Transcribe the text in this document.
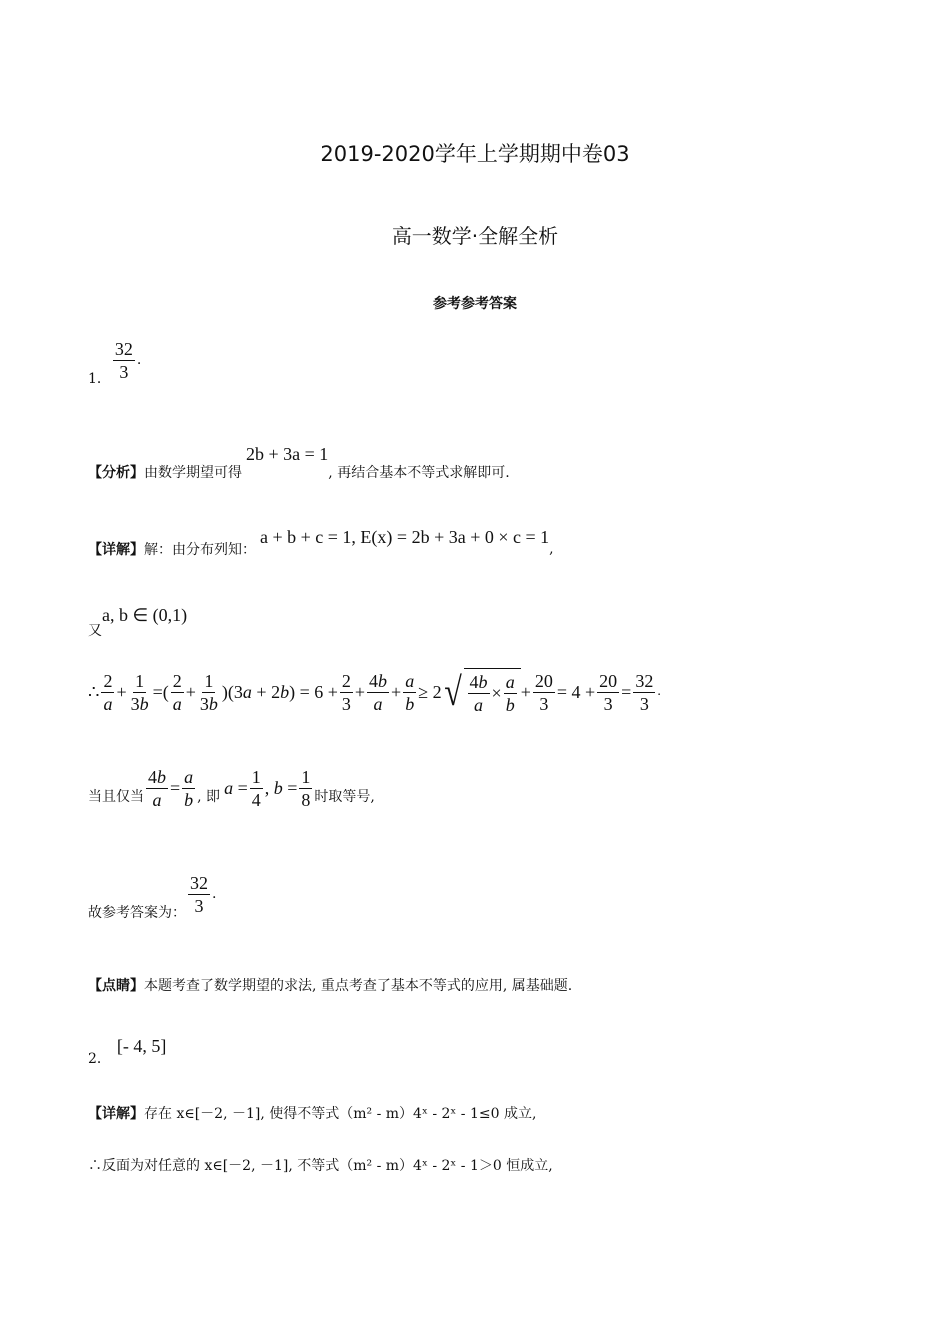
2019-2020学年上学期期中卷03
高一数学·全解全析
参考参考答案
1． $\frac{32}{3}$ .
【分析】 由数学期望可得
2b + 3a = 1
, 再结合基本不等式求解即可.
【详解】 解：由分布列知：
a + b + c = 1, E(x) = 2b + 3a + 0 × c = 1
,
又
a, b ∈ (0,1)
∴ $\frac{2}{a} + \frac{1}{3b}$ =( $\frac{2}{a} + \frac{1}{3b} )(3$ a + 2 b ) = $6 + \frac{2}{3} + \frac{4b}{a} + \frac{a}{b} \ge 2$ √ $\frac{4b}{a} \times \frac{a}{b} + \frac{20}{3} = 4 + \frac{20}{3} = \frac{32}{3}$ .
当且仅当 $\frac{4b}{a} = \frac{a}{b}$ , 即 $a = \frac{1}{4}$ , $b = \frac{1}{8}$ 时取等号,
故参考答案为： $\frac{32}{3}$ .
【点睛】 本题考查了数学期望的求法, 重点考查了基本不等式的应用, 属基础题.
2．
[- 4, 5]
【详解】 存在 x∈[－2, －1], 使得不等式（m² - m）4ˣ - 2ˣ - 1≤0 成立,
∴反面为对任意的 x∈[－2, －1], 不等式（m² - m）4ˣ - 2ˣ - 1＞0 恒成立,
